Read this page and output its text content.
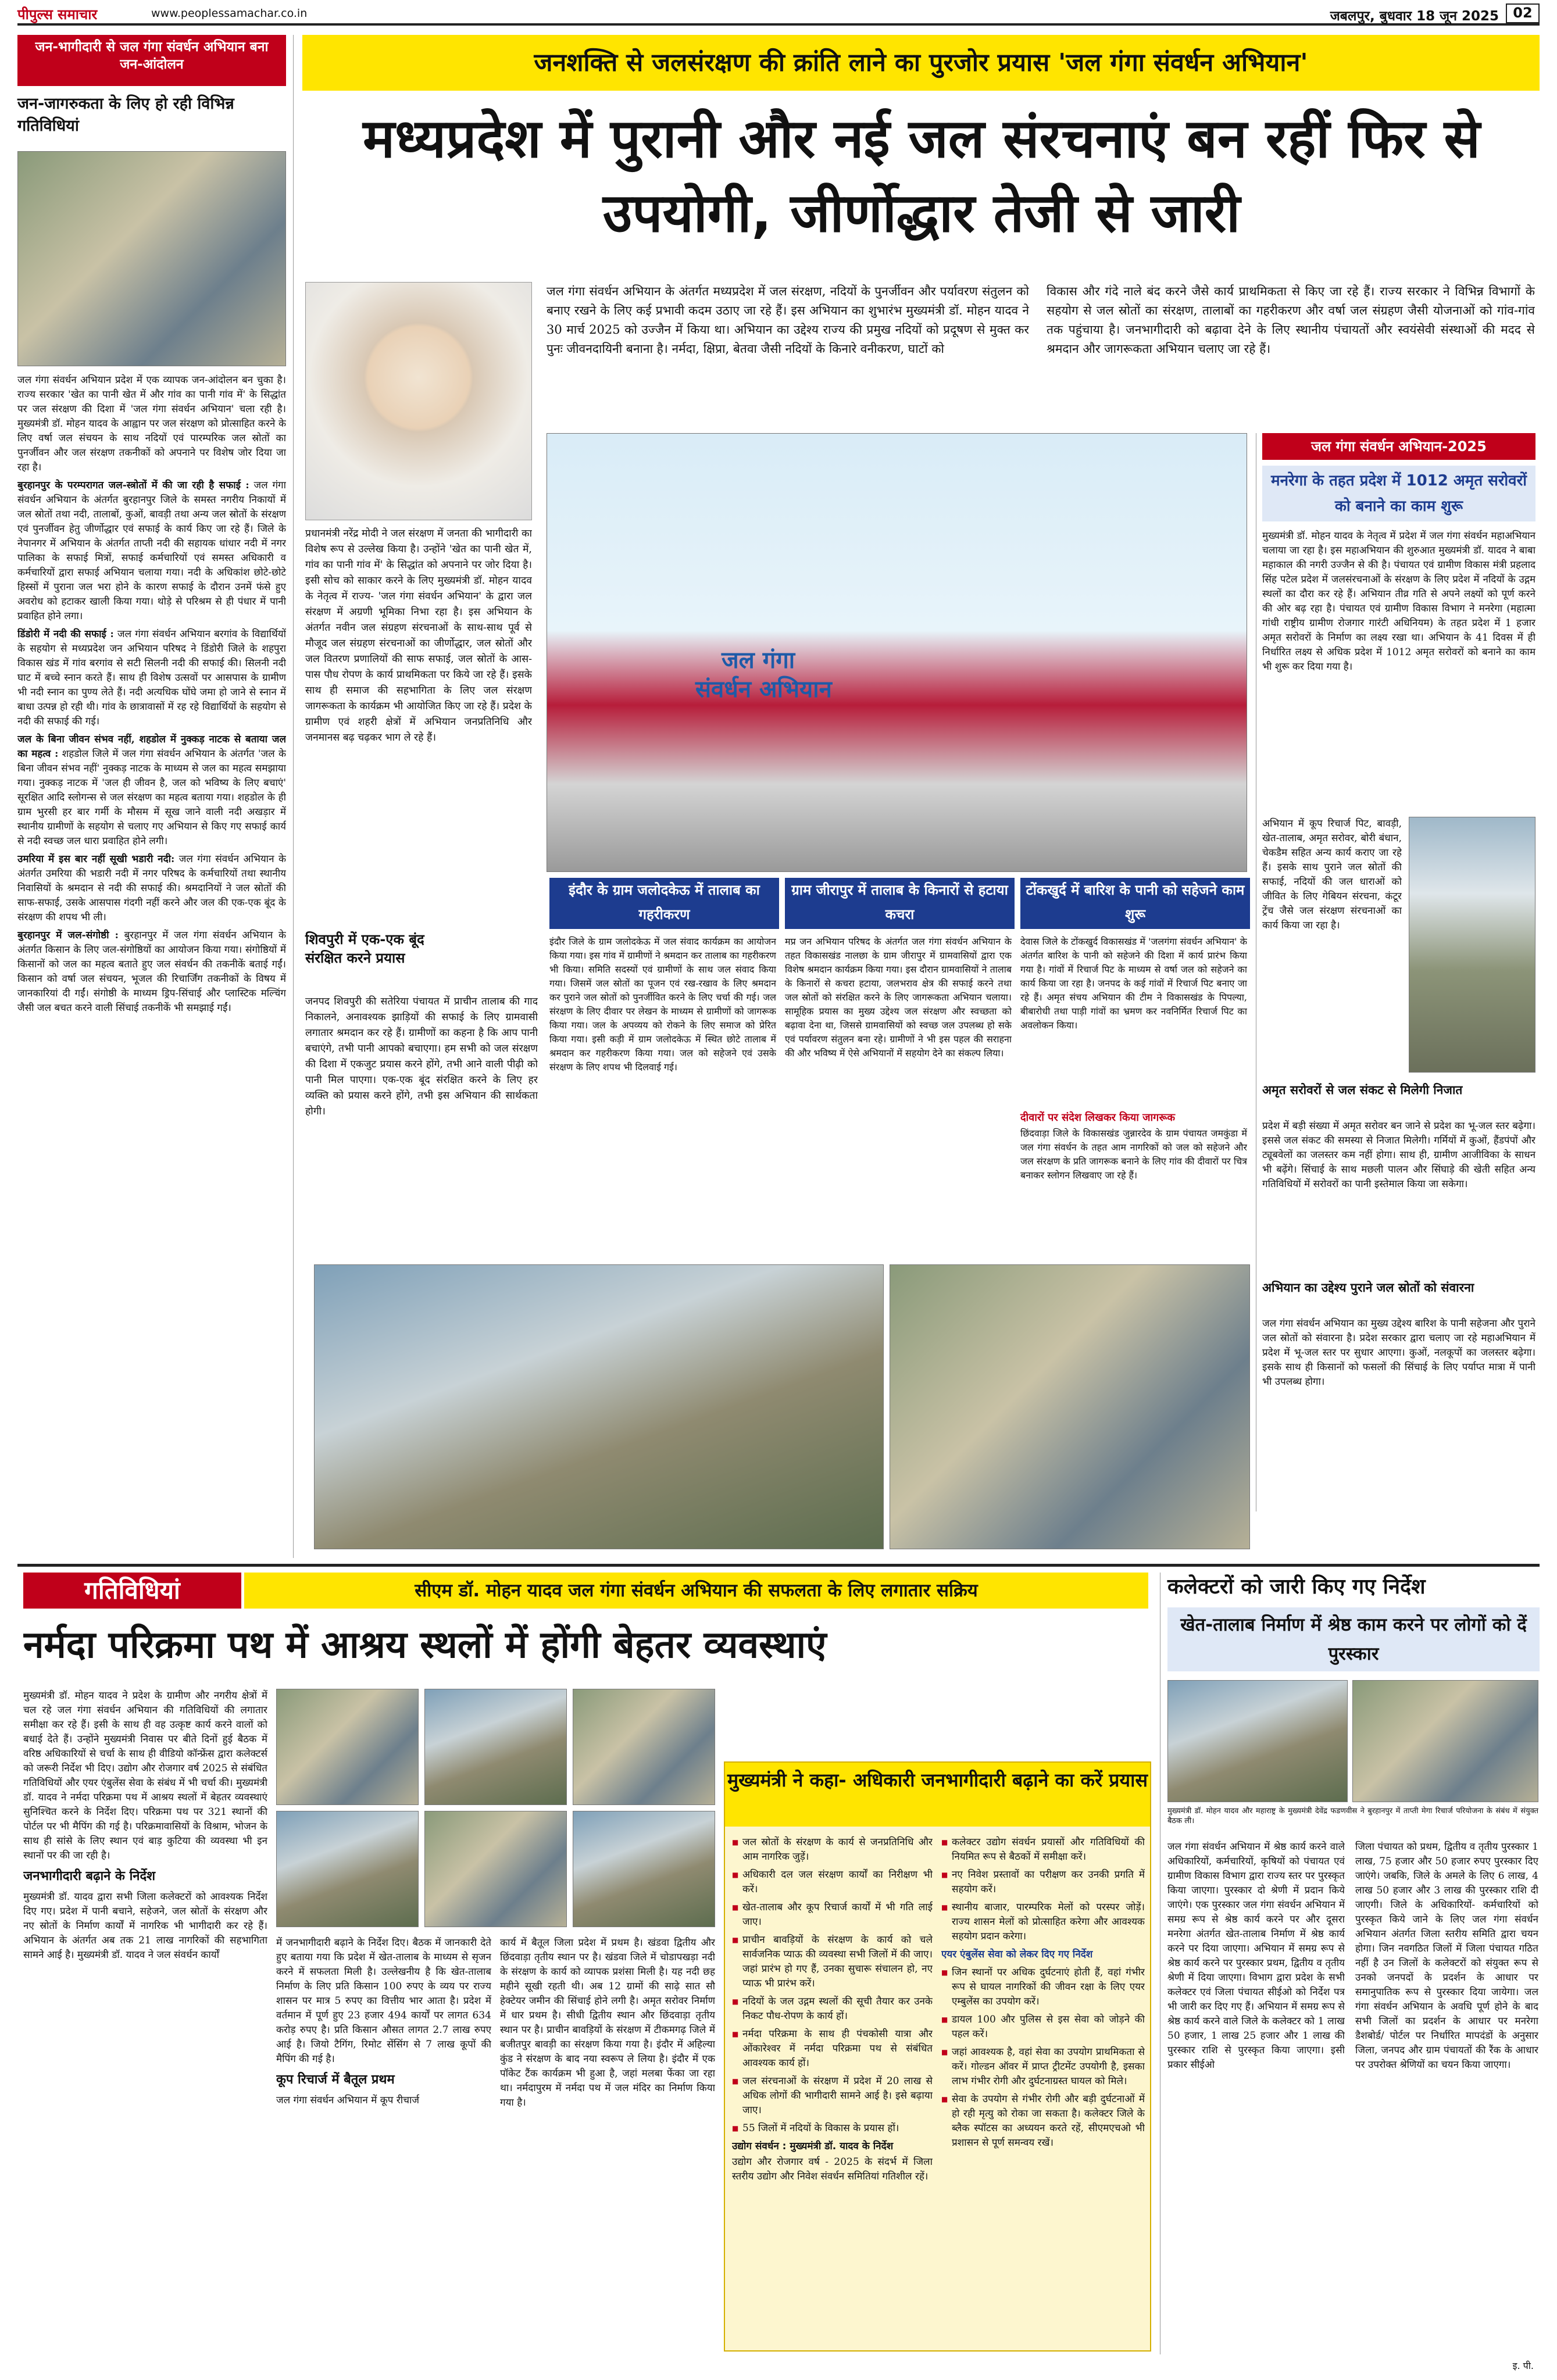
पीपुल्स समाचार	www.peoplessamachar.co.in	जबलपुर, बुधवार 18 जून 2025	02
जन-भागीदारी से जल गंगा संवर्धन अभियान बना जन-आंदोलन
जन-जागरुकता के लिए हो रही विभिन्न गतिविधियां

जल गंगा संवर्धन अभियान प्रदेश में एक व्यापक जन-आंदोलन बन चुका है। राज्य सरकार 'खेत का पानी खेत में और गांव का पानी गांव में' के सिद्धांत पर जल संरक्षण की दिशा में 'जल गंगा संवर्धन अभियान' चला रही है। मुख्यमंत्री डॉ. मोहन यादव के आह्वान पर जल संरक्षण को प्रोत्साहित करने के लिए वर्षा जल संचयन के साथ नदियों एवं पारम्परिक जल स्रोतों का पुनर्जीवन और जल संरक्षण तकनीकों को अपनाने पर विशेष जोर दिया जा रहा है।

बुरहानपुर के परम्परागत जल-स्त्रोतों में की जा रही है सफाई : जल गंगा संवर्धन अभियान के अंतर्गत बुरहानपुर जिले के समस्त नगरीय निकायों में जल स्रोतों तथा नदी, तालाबों, कुओं, बावड़ी तथा अन्य जल स्रोतों के संरक्षण एवं पुनर्जीवन हेतु जीर्णोद्धार एवं सफाई के कार्य किए जा रहे हैं। जिले के नेपानगर में अभियान के अंतर्गत ताप्ती नदी की सहायक धांधार नदी में नगर पालिका के सफाई मित्रों, सफाई कर्मचारियों एवं समस्त अधिकारी व कर्मचारियों द्वारा सफाई अभियान चलाया गया। नदी के अधिकांश छोटे-छोटे हिस्सों में पुराना जल भरा होने के कारण सफाई के दौरान उनमें फंसे हुए अवरोध को हटाकर खाली किया गया। थोड़े से परिश्रम से ही पंधार में पानी प्रवाहित होने लगा।

डिंडोरी में नदी की सफाई : जल गंगा संवर्धन अभियान बरगांव के विद्यार्थियों के सहयोग से मध्यप्रदेश जन अभियान परिषद ने डिंडोरी जिले के शहपुरा विकास खंड में गांव बरगांव से सटी सिलनी नदी की सफाई की। सिलनी नदी घाट में बच्चे स्नान करते हैं। साथ ही विशेष उत्सवों पर आसपास के ग्रामीण भी नदी स्नान का पुण्य लेते हैं। नदी अत्यधिक घोंघे जमा हो जाने से स्नान में बाधा उत्पन्न हो रही थी। गांव के छात्रावासों में रह रहे विद्यार्थियों के सहयोग से नदी की सफाई की गई।

जल के बिना जीवन संभव नहीं, शहडोल में नुक्कड़ नाटक से बताया जल का महत्व : शहडोल जिले में जल गंगा संवर्धन अभियान के अंतर्गत 'जल के बिना जीवन संभव नहीं' नुक्कड़ नाटक के माध्यम से जल का महत्व समझाया गया। नुक्कड़ नाटक में 'जल ही जीवन है, जल को भविष्य के लिए बचाएं' सूरक्षित आदि स्लोगन्स से जल संरक्षण का महत्व बताया गया। शहडोल के ही ग्राम भुरसी हर बार गर्मी के मौसम में सूख जाने वाली नदी अखड़ार में स्थानीय ग्रामीणों के सहयोग से चलाए गए अभियान से किए गए सफाई कार्य से नदी स्वच्छ जल धारा प्रवाहित होने लगी।

उमरिया में इस बार नहीं सूखी भडारी नदी: जल गंगा संवर्धन अभियान के अंतर्गत उमरिया की भडारी नदी में नगर परिषद के कर्मचारियों तथा स्थानीय निवासियों के श्रमदान से नदी की सफाई की। श्रमदानियों ने जल स्रोतों की साफ-सफाई, उसके आसपास गंदगी नहीं करने और जल की एक-एक बूंद के संरक्षण की शपथ भी ली।

बुरहानपुर में जल-संगोष्ठी : बुरहानपुर में जल गंगा संवर्धन अभियान के अंतर्गत किसान के लिए जल-संगोष्ठियों का आयोजन किया गया। संगोष्ठियों में किसानों को जल का महत्व बताते हुए जल संवर्धन की तकनीकें बताई गईं। किसान को वर्षा जल संचयन, भूजल की रिचार्जिंग तकनीकों के विषय में जानकारियां दी गईं। संगोष्ठी के माध्यम ड्रिप-सिंचाई और प्लास्टिक मल्चिंग जैसी जल बचत करने वाली सिंचाई तकनीकें भी समझाई गईं।

जनशक्ति से जलसंरक्षण की क्रांति लाने का पुरजोर प्रयास 'जल गंगा संवर्धन अभियान'
मध्यप्रदेश में पुरानी और नई जल संरचनाएं बन रहीं फिर से उपयोगी, जीर्णोद्धार तेजी से जारी
जल गंगा संवर्धन अभियान के अंतर्गत मध्यप्रदेश में जल संरक्षण, नदियों के पुनर्जीवन और पर्यावरण संतुलन को बनाए रखने के लिए कई प्रभावी कदम उठाए जा रहे हैं। इस अभियान का शुभारंभ मुख्यमंत्री डॉ. मोहन यादव ने 30 मार्च 2025 को उज्जैन में किया था। अभियान का उद्देश्य राज्य की प्रमुख नदियों को प्रदूषण से मुक्त कर पुनः जीवनदायिनी बनाना है। नर्मदा, क्षिप्रा, बेतवा जैसी नदियों के किनारे वनीकरण, घाटों को
विकास और गंदे नाले बंद करने जैसे कार्य प्राथमिकता से किए जा रहे हैं। राज्य सरकार ने विभिन्न विभागों के सहयोग से जल स्रोतों का संरक्षण, तालाबों का गहरीकरण और वर्षा जल संग्रहण जैसी योजनाओं को गांव-गांव तक पहुंचाया है। जनभागीदारी को बढ़ावा देने के लिए स्थानीय पंचायतों और स्वयंसेवी संस्थाओं की मदद से श्रमदान और जागरूकता अभियान चलाए जा रहे हैं।
प्रधानमंत्री नरेंद्र मोदी ने जल संरक्षण में जनता की भागीदारी का विशेष रूप से उल्लेख किया है। उन्होंने 'खेत का पानी खेत में, गांव का पानी गांव में' के सिद्धांत को अपनाने पर जोर दिया है। इसी सोच को साकार करने के लिए मुख्यमंत्री डॉ. मोहन यादव के नेतृत्व में राज्य- 'जल गंगा संवर्धन अभियान' के द्वारा जल संरक्षण में अग्रणी भूमिका निभा रहा है। इस अभियान के अंतर्गत नवीन जल संग्रहण संरचनाओं के साथ-साथ पूर्व से मौजूद जल संग्रहण संरचनाओं का जीर्णोद्धार, जल स्रोतों और जल वितरण प्रणालियों की साफ सफाई, जल स्रोतों के आस-पास पौध रोपण के कार्य प्राथमिकता पर किये जा रहे हैं। इसके साथ ही समाज की सहभागिता के लिए जल संरक्षण जागरूकता के कार्यक्रम भी आयोजित किए जा रहे हैं। प्रदेश के ग्रामीण एवं शहरी क्षेत्रों में अभियान जनप्रतिनिधि और जनमानस बढ़ चढ़कर भाग ले रहे हैं।
जल गंगा
संवर्धन अभियान
जल गंगा संवर्धन अभियान-2025
मनरेगा के तहत प्रदेश में 1012 अमृत सरोवरों को बनाने का काम शुरू

मुख्यमंत्री डॉ. मोहन यादव के नेतृत्व में प्रदेश में जल गंगा संवर्धन महाअभियान चलाया जा रहा है। इस महाअभियान की शुरुआत मुख्यमंत्री डॉ. यादव ने बाबा महाकाल की नगरी उज्जैन से की है। पंचायत एवं ग्रामीण विकास मंत्री प्रहलाद सिंह पटेल प्रदेश में जलसंरचनाओं के संरक्षण के लिए प्रदेश में नदियों के उद्गम स्थलों का दौरा कर रहे हैं। अभियान तीव्र गति से अपने लक्ष्यों को पूर्ण करने की ओर बढ़ रहा है। पंचायत एवं ग्रामीण विकास विभाग ने मनरेगा (महात्मा गांधी राष्ट्रीय ग्रामीण रोजगार गारंटी अधिनियम) के तहत प्रदेश में 1 हजार अमृत सरोवरों के निर्माण का लक्ष्य रखा था। अभियान के 41 दिवस में ही निर्धारित लक्ष्य से अधिक प्रदेश में 1012 अमृत सरोवरों को बनाने का काम भी शुरू कर दिया गया है।

अभियान में कूप रिचार्ज पिट, बावड़ी, खेत-तालाब, अमृत सरोवर, बोरी बंधान, चेकडैम सहित अन्य कार्य कराए जा रहे हैं। इसके साथ पुराने जल स्रोतों की सफाई, नदियों की जल धाराओं को जीवित के लिए गेबियन संरचना, कंटूर ट्रेंच जैसे जल संरक्षण संरचनाओं का कार्य किया जा रहा है।

अमृत सरोवरों से जल संकट से मिलेगी निजात
प्रदेश में बड़ी संख्या में अमृत सरोवर बन जाने से प्रदेश का भू-जल स्तर बढ़ेगा। इससे जल संकट की समस्या से निजात मिलेगी। गर्मियों में कुओं, हैंडपंपों और ट्यूबवेलों का जलस्तर कम नहीं होगा। साथ ही, ग्रामीण आजीविका के साधन भी बढ़ेंगे। सिंचाई के साथ मछली पालन और सिंघाड़े की खेती सहित अन्य गतिविधियों में सरोवरों का पानी इस्तेमाल किया जा सकेगा।
अभियान का उद्देश्य पुराने जल स्रोतों को संवारना
जल गंगा संवर्धन अभियान का मुख्य उद्देश्य बारिश के पानी सहेजना और पुराने जल स्रोतों को संवारना है। प्रदेश सरकार द्वारा चलाए जा रहे महाअभियान में प्रदेश में भू-जल स्तर पर सुधार आएगा। कुओं, नलकूपों का जलस्तर बढ़ेगा। इसके साथ ही किसानों को फसलों की सिंचाई के लिए पर्याप्त मात्रा में पानी भी उपलब्ध होगा।
शिवपुरी में एक-एक बूंद संरक्षित करने प्रयास
जनपद शिवपुरी की सतेरिया पंचायत में प्राचीन तालाब की गाद निकालने, अनावश्यक झाड़ियों की सफाई के लिए ग्रामवासी लगातार श्रमदान कर रहे हैं। ग्रामीणों का कहना है कि आप पानी बचाएंगे, तभी पानी आपको बचाएगा। हम सभी को जल संरक्षण की दिशा में एकजुट प्रयास करने होंगे, तभी आने वाली पीढ़ी को पानी मिल पाएगा। एक-एक बूंद संरक्षित करने के लिए हर व्यक्ति को प्रयास करने होंगे, तभी इस अभियान की सार्थकता होगी।
इंदौर के ग्राम जलोदकेऊ में तालाब का गहरीकरण
इंदौर जिले के ग्राम जलोदकेऊ में जल संवाद कार्यक्रम का आयोजन किया गया। इस गांव में ग्रामीणों ने श्रमदान कर तालाब का गहरीकरण भी किया। समिति सदस्यों एवं ग्रामीणों के साथ जल संवाद किया गया। जिसमें जल स्रोतों का पूजन एवं रख-रखाव के लिए श्रमदान कर पुराने जल स्रोतों को पुनर्जीवित करने के लिए चर्चा की गई। जल संरक्षण के लिए दीवार पर लेखन के माध्यम से ग्रामीणों को जागरूक किया गया। जल के अपव्यय को रोकने के लिए समाज को प्रेरित किया गया। इसी कड़ी में ग्राम जलोदकेऊ में स्थित छोटे तालाब में श्रमदान कर गहरीकरण किया गया। जल को सहेजने एवं उसके संरक्षण के लिए शपथ भी दिलवाई गई।
ग्राम जीरापुर में तालाब के किनारों से हटाया कचरा
मप्र जन अभियान परिषद के अंतर्गत जल गंगा संवर्धन अभियान के तहत विकासखंड नालछा के ग्राम जीरापुर में ग्रामवासियों द्वारा एक विशेष श्रमदान कार्यक्रम किया गया। इस दौरान ग्रामवासियों ने तालाब के किनारों से कचरा हटाया, जलभराव क्षेत्र की सफाई करने तथा जल स्रोतों को संरक्षित करने के लिए जागरूकता अभियान चलाया। सामूहिक प्रयास का मुख्य उद्देश्य जल संरक्षण और स्वच्छता को बढ़ावा देना था, जिससे ग्रामवासियों को स्वच्छ जल उपलब्ध हो सके एवं पर्यावरण संतुलन बना रहे। ग्रामीणों ने भी इस पहल की सराहना की और भविष्य में ऐसे अभियानों में सहयोग देने का संकल्प लिया।
टोंकखुर्द में बारिश के पानी को सहेजने काम शुरू
देवास जिले के टोंकखुर्द विकासखंड में 'जलगंगा संवर्धन अभियान' के अंतर्गत बारिश के पानी को सहेजने की दिशा में कार्य प्रारंभ किया गया है। गांवों में रिचार्ज पिट के माध्यम से वर्षा जल को सहेजने का कार्य किया जा रहा है। जनपद के कई गांवों में रिचार्ज पिट बनाए जा रहे हैं। अमृत संचय अभियान की टीम ने विकासखंड के पिपल्या, बीबारोधी तथा पाड़ी गांवों का भ्रमण कर नवनिर्मित रिचार्ज पिट का अवलोकन किया।
दीवारों पर संदेश लिखकर किया जागरूक
छिंदवाड़ा जिले के विकासखंड जुन्नारदेव के ग्राम पंचायत जमकुंडा में जल गंगा संवर्धन के तहत आम नागरिकों को जल को सहेजने और जल संरक्षण के प्रति जागरूक बनाने के लिए गांव की दीवारों पर चित्र बनाकर स्लोगन लिखवाए जा रहे हैं।
गतिविधियां	सीएम डॉ. मोहन यादव जल गंगा संवर्धन अभियान की सफलता के लिए लगातार सक्रिय
नर्मदा परिक्रमा पथ में आश्रय स्थलों में होंगी बेहतर व्यवस्थाएं

मुख्यमंत्री डॉ. मोहन यादव ने प्रदेश के ग्रामीण और नगरीय क्षेत्रों में चल रहे जल गंगा संवर्धन अभियान की गतिविधियों की लगातार समीक्षा कर रहे हैं। इसी के साथ ही वह उत्कृष्ट कार्य करने वालों को बधाई देते हैं। उन्होंने मुख्यमंत्री निवास पर बीते दिनों हुई बैठक में वरिष्ठ अधिकारियों से चर्चा के साथ ही वीडियो कॉन्फ्रेंस द्वारा कलेक्टर्स को जरूरी निर्देश भी दिए। उद्योग और रोजगार वर्ष 2025 से संबंधित गतिविधियों और एयर एंबुलेंस सेवा के संबंध में भी चर्चा की। मुख्यमंत्री डॉ. यादव ने नर्मदा परिक्रमा पथ में आश्रय स्थलों में बेहतर व्यवस्थाएं सुनिश्चित करने के निर्देश दिए। परिक्रमा पथ पर 321 स्थानों की पोर्टल पर भी मैपिंग की गई है। परिक्रमावासियों के विश्राम, भोजन के साथ ही सांसे के लिए स्थान एवं बाड़ कुटिया की व्यवस्था भी इन स्थानों पर की जा रही है।

जनभागीदारी बढ़ाने के निर्देश

मुख्यमंत्री डॉ. यादव द्वारा सभी जिला कलेक्टरों को आवश्यक निर्देश दिए गए। प्रदेश में पानी बचाने, सहेजने, जल स्रोतों के संरक्षण और नए स्रोतों के निर्माण कार्यों में नागरिक भी भागीदारी कर रहे हैं। अभियान के अंतर्गत अब तक 21 लाख नागरिकों की सहभागिता सामने आई है। मुख्यमंत्री डॉ. यादव ने जल संवर्धन कार्यों

में जनभागीदारी बढ़ाने के निर्देश दिए। बैठक में जानकारी देते हुए बताया गया कि प्रदेश में खेत-तालाब के माध्यम से सृजन करने में सफलता मिली है। उल्लेखनीय है कि खेत-तालाब निर्माण के लिए प्रति किसान 100 रुपए के व्यय पर राज्य शासन पर मात्र 5 रुपए का वित्तीय भार आता है। प्रदेश में वर्तमान में पूर्ण हुए 23 हजार 494 कार्यों पर लागत 634 करोड़ रुपए है। प्रति किसान औसत लागत 2.7 लाख रुपए आई है। जियो टैगिंग, रिमोट सेंसिंग से 7 लाख कूपों की मैपिंग की गई है।

कूप रिचार्ज में बैतूल प्रथम

जल गंगा संवर्धन अभियान में कूप रीचार्ज

कार्य में बैतूल जिला प्रदेश में प्रथम है। खंडवा द्वितीय और छिंदवाड़ा तृतीय स्थान पर है। खंडवा जिले में चोडापखड़ा नदी के संरक्षण के कार्य को व्यापक प्रशंसा मिली है। यह नदी छह महीने सूखी रहती थी। अब 12 ग्रामों की साढ़े सात सौ हेक्टेयर जमीन की सिंचाई होने लगी है। अमृत सरोवर निर्माण में धार प्रथम है। सीधी द्वितीय स्थान और छिंदवाड़ा तृतीय स्थान पर है। प्राचीन बावड़ियों के संरक्षण में टीकमगढ़ जिले में बजीतपुर बावड़ी का संरक्षण किया गया है। इंदौर में अहिल्या कुंड ने संरक्षण के बाद नया स्वरूप ले लिया है। इंदौर में एक पॉकेट टैंक कार्यक्रम भी हुआ है, जहां मलबा फेंका जा रहा था। नर्मदापुरम में नर्मदा पथ में जल मंदिर का निर्माण किया गया है।
मुख्यमंत्री ने कहा- अधिकारी जनभागीदारी बढ़ाने का करें प्रयास
■ जल स्रोतों के संरक्षण के कार्य से जनप्रतिनिधि और आम नागरिक जुड़ें।
■ अधिकारी दल जल संरक्षण कार्यों का निरीक्षण भी करें।
■ खेत-तालाब और कूप रिचार्ज कार्यों में भी गति लाई जाए।
■ प्राचीन बावड़ियों के संरक्षण के कार्य को चले सार्वजनिक प्याऊ की व्यवस्था सभी जिलों में की जाए। जहां प्रारंभ हो गए हैं, उनका सुचारू संचालन हो, नए प्याऊ भी प्रारंभ करें।
■ नदियों के जल उद्गम स्थलों की सूची तैयार कर उनके निकट पौध-रोपण के कार्य हों।
■ नर्मदा परिक्रमा के साथ ही पंचकोसी यात्रा और ओंकारेश्वर में नर्मदा परिक्रमा पथ से संबंधित आवश्यक कार्य हों।
■ जल संरचनाओं के संरक्षण में प्रदेश में 20 लाख से अधिक लोगों की भागीदारी सामने आई है। इसे बढ़ाया जाए।
■ 55 जिलों में नदियों के विकास के प्रयास हों।

उद्योग संवर्धन : मुख्यमंत्री डॉ. यादव के निर्देश

उद्योग और रोजगार वर्ष - 2025 के संदर्भ में जिला स्तरीय उद्योग और निवेश संवर्धन समितियां गतिशील रहें।

■ कलेक्टर उद्योग संवर्धन प्रयासों और गतिविधियों की नियमित रूप से बैठकों में समीक्षा करें।
■ नए निवेश प्रस्तावों का परीक्षण कर उनकी प्रगति में सहयोग करें।
■ स्थानीय बाजार, पारम्परिक मेलों को परस्पर जोड़ें। राज्य शासन मेलों को प्रोत्साहित करेगा और आवश्यक सहयोग प्रदान करेगा।

एयर एंबुलेंस सेवा को लेकर दिए गए निर्देश

■ जिन स्थानों पर अधिक दुर्घटनाएं होती हैं, वहां गंभीर रूप से घायल नागरिकों की जीवन रक्षा के लिए एयर एम्बुलेंस का उपयोग करें।
■ डायल 100 और पुलिस से इस सेवा को जोड़ने की पहल करें।
■ जहां आवश्यक है, वहां सेवा का उपयोग प्राथमिकता से करें। गोल्डन ऑवर में प्राप्त ट्रीटमेंट उपयोगी है, इसका लाभ गंभीर रोगी और दुर्घटनाग्रस्त घायल को मिले।
■ सेवा के उपयोग से गंभीर रोगी और बड़ी दुर्घटनाओं में हो रही मृत्यु को रोका जा सकता है। कलेक्टर जिले के ब्लैक स्पॉटस का अध्ययन करते रहें, सीएमएचओ भी प्रशासन से पूर्ण समन्वय रखें।
कलेक्टरों को जारी किए गए निर्देश
खेत-तालाब निर्माण में श्रेष्ठ काम करने पर लोगों को दें पुरस्कार
मुख्यमंत्री डॉ. मोहन यादव और महाराष्ट्र के मुख्यमंत्री देवेंद्र फडणवीस ने बुरहानपुर में ताप्ती मेगा रिचार्ज परियोजना के संबंध में संयुक्त बैठक ली।
जल गंगा संवर्धन अभियान में श्रेष्ठ कार्य करने वाले अधिकारियों, कर्मचारियों, कृषियों को पंचायत एवं ग्रामीण विकास विभाग द्वारा राज्य स्तर पर पुरस्कृत किया जाएगा। पुरस्कार दो श्रेणी में प्रदान किये जाएंगे। एक पुरस्कार जल गंगा संवर्धन अभियान में समग्र रूप से श्रेष्ठ कार्य करने पर और दूसरा मनरेगा अंतर्गत खेत-तालाब निर्माण में श्रेष्ठ कार्य करने पर दिया जाएगा। अभियान में समग्र रूप से श्रेष्ठ कार्य करने पर पुरस्कार प्रथम, द्वितीय व तृतीय श्रेणी में दिया जाएगा। विभाग द्वारा प्रदेश के सभी कलेक्टर एवं जिला पंचायत सीईओ को निर्देश पत्र भी जारी कर दिए गए हैं। अभियान में समग्र रूप से श्रेष्ठ कार्य करने वाले जिले के कलेक्टर को 1 लाख 50 हजार, 1 लाख 25 हजार और 1 लाख की पुरस्कार राशि से पुरस्कृत किया जाएगा। इसी प्रकार सीईओ
जिला पंचायत को प्रथम, द्वितीय व तृतीय पुरस्कार 1 लाख, 75 हजार और 50 हजार रुपए पुरस्कार दिए जाएंगे। जबकि, जिले के अमले के लिए 6 लाख, 4 लाख 50 हजार और 3 लाख की पुरस्कार राशि दी जाएगी। जिले के अधिकारियों- कर्मचारियों को पुरस्कृत किये जाने के लिए जल गंगा संवर्धन अभियान अंतर्गत जिला स्तरीय समिति द्वारा चयन होगा। जिन नवगठित जिलों में जिला पंचायत गठित नहीं है उन जिलों के कलेक्टरों को संयुक्त रूप से उनको जनपदों के प्रदर्शन के आधार पर समानुपातिक रूप से पुरस्कार दिया जायेगा। जल गंगा संवर्धन अभियान के अवधि पूर्ण होने के बाद सभी जिलों का प्रदर्शन के आधार पर मनरेगा डैशबोर्ड/ पोर्टल पर निर्धारित मापदंडों के अनुसार जिला, जनपद और ग्राम पंचायतों की रैंक के आधार पर उपरोक्त श्रेणियों का चयन किया जाएगा।
इ. पी.
